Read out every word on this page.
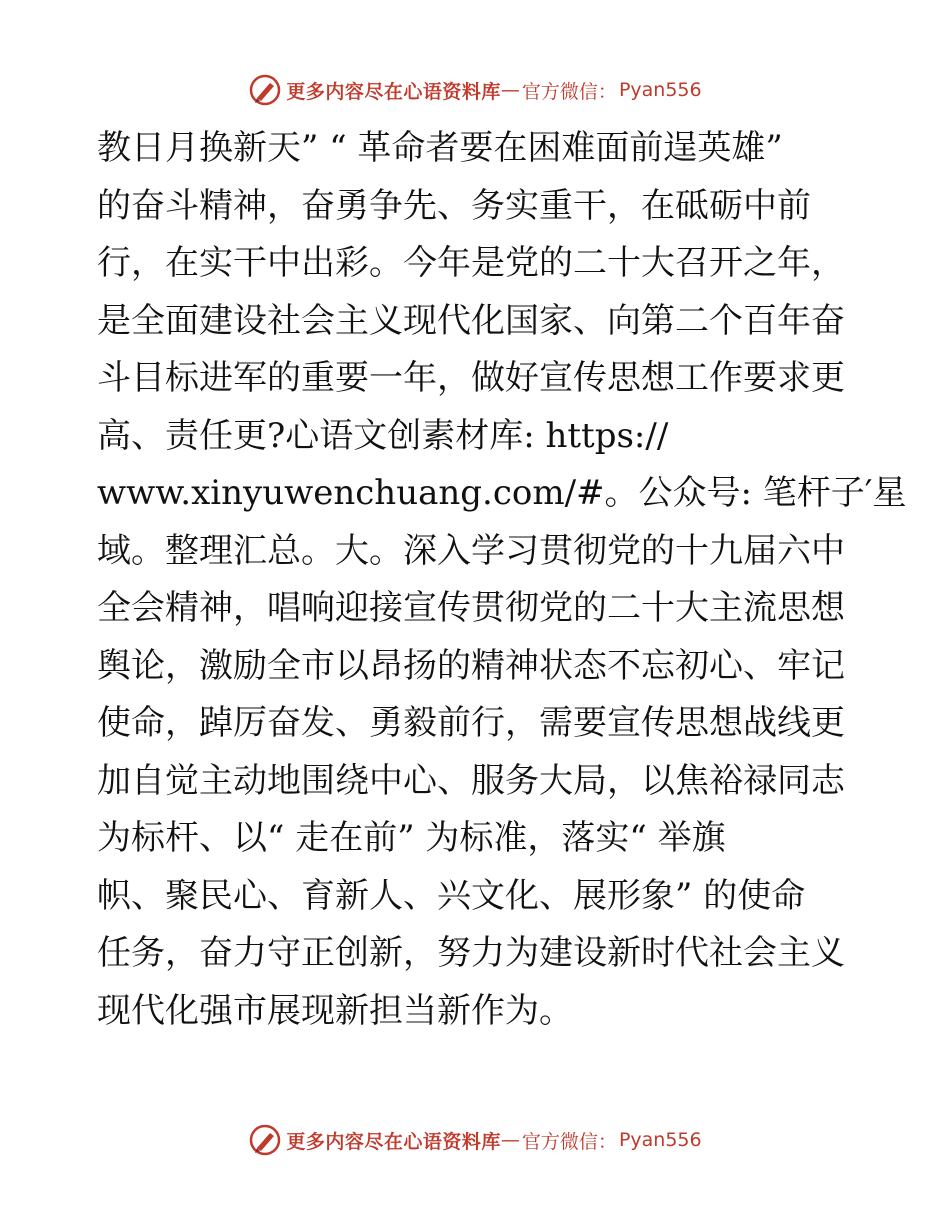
更多内容尽在心语资料库 — 官方微信： Pyan556
教日月换新天” “ 革命者要在困难面前逞英雄”
的奋斗精神，奋勇争先、务实重干，在砥砺中前
行，在实干中出彩。今年是党的二十大召开之年，
是全面建设社会主义现代化国家、向第二个百年奋
斗目标进军的重要一年，做好宣传思想工作要求更
高、责任更?心语文创素材库: https://
www.xinyuwenchuang.com/#。公众号: 笔杆子′星
域。整理汇总。大。深入学习贯彻党的十九届六中
全会精神，唱响迎接宣传贯彻党的二十大主流思想
舆论，激励全市以昂扬的精神状态不忘初心、牢记
使命，踔厉奋发、勇毅前行，需要宣传思想战线更
加自觉主动地围绕中心、服务大局，以焦裕禄同志
为标杆、以“ 走在前” 为标准，落实“ 举旗
帜、聚民心、育新人、兴文化、展形象” 的使命
任务，奋力守正创新，努力为建设新时代社会主义
现代化强市展现新担当新作为。
更多内容尽在心语资料库 — 官方微信： Pyan556
